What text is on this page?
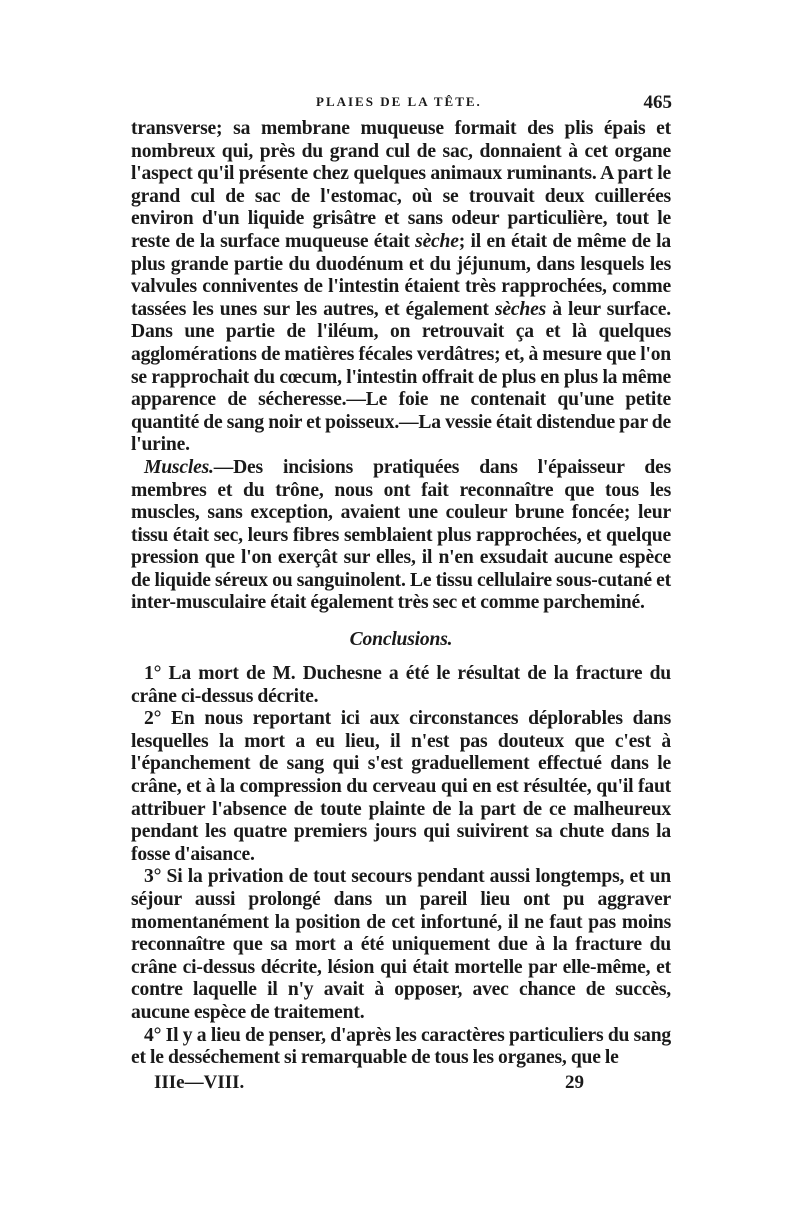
PLAIES DE LA TÊTE.	465

transverse; sa membrane muqueuse formait des plis épais et nombreux qui, près du grand cul de sac, donnaient à cet organe l'aspect qu'il présente chez quelques animaux ruminants. A part le grand cul de sac de l'estomac, où se trouvait deux cuillerées environ d'un liquide grisâtre et sans odeur particulière, tout le reste de la surface muqueuse était sèche; il en était de même de la plus grande partie du duodénum et du jéjunum, dans lesquels les valvules conniventes de l'intestin étaient très rapprochées, comme tassées les unes sur les autres, et également sèches à leur surface. Dans une partie de l'iléum, on retrouvait ça et là quelques agglomérations de matières fécales verdâtres; et, à mesure que l'on se rapprochait du cœcum, l'intestin offrait de plus en plus la même apparence de sécheresse.—Le foie ne contenait qu'une petite quantité de sang noir et poisseux.—La vessie était distendue par de l'urine.

Muscles.—Des incisions pratiquées dans l'épaisseur des membres et du trône, nous ont fait reconnaître que tous les muscles, sans exception, avaient une couleur brune foncée; leur tissu était sec, leurs fibres semblaient plus rapprochées, et quelque pression que l'on exerçât sur elles, il n'en exsudait aucune espèce de liquide séreux ou sanguinolent. Le tissu cellulaire sous-cutané et inter-musculaire était également très sec et comme parcheminé.

Conclusions.

1° La mort de M. Duchesne a été le résultat de la fracture du crâne ci-dessus décrite.

2° En nous reportant ici aux circonstances déplorables dans lesquelles la mort a eu lieu, il n'est pas douteux que c'est à l'épanchement de sang qui s'est graduellement effectué dans le crâne, et à la compression du cerveau qui en est résultée, qu'il faut attribuer l'absence de toute plainte de la part de ce malheureux pendant les quatre premiers jours qui suivirent sa chute dans la fosse d'aisance.

3° Si la privation de tout secours pendant aussi longtemps, et un séjour aussi prolongé dans un pareil lieu ont pu aggraver momentanément la position de cet infortuné, il ne faut pas moins reconnaître que sa mort a été uniquement due à la fracture du crâne ci-dessus décrite, lésion qui était mortelle par elle-même, et contre laquelle il n'y avait à opposer, avec chance de succès, aucune espèce de traitement.

4° Il y a lieu de penser, d'après les caractères particuliers du sang et le desséchement si remarquable de tous les organes, que le

IIIe—VIII.	29
